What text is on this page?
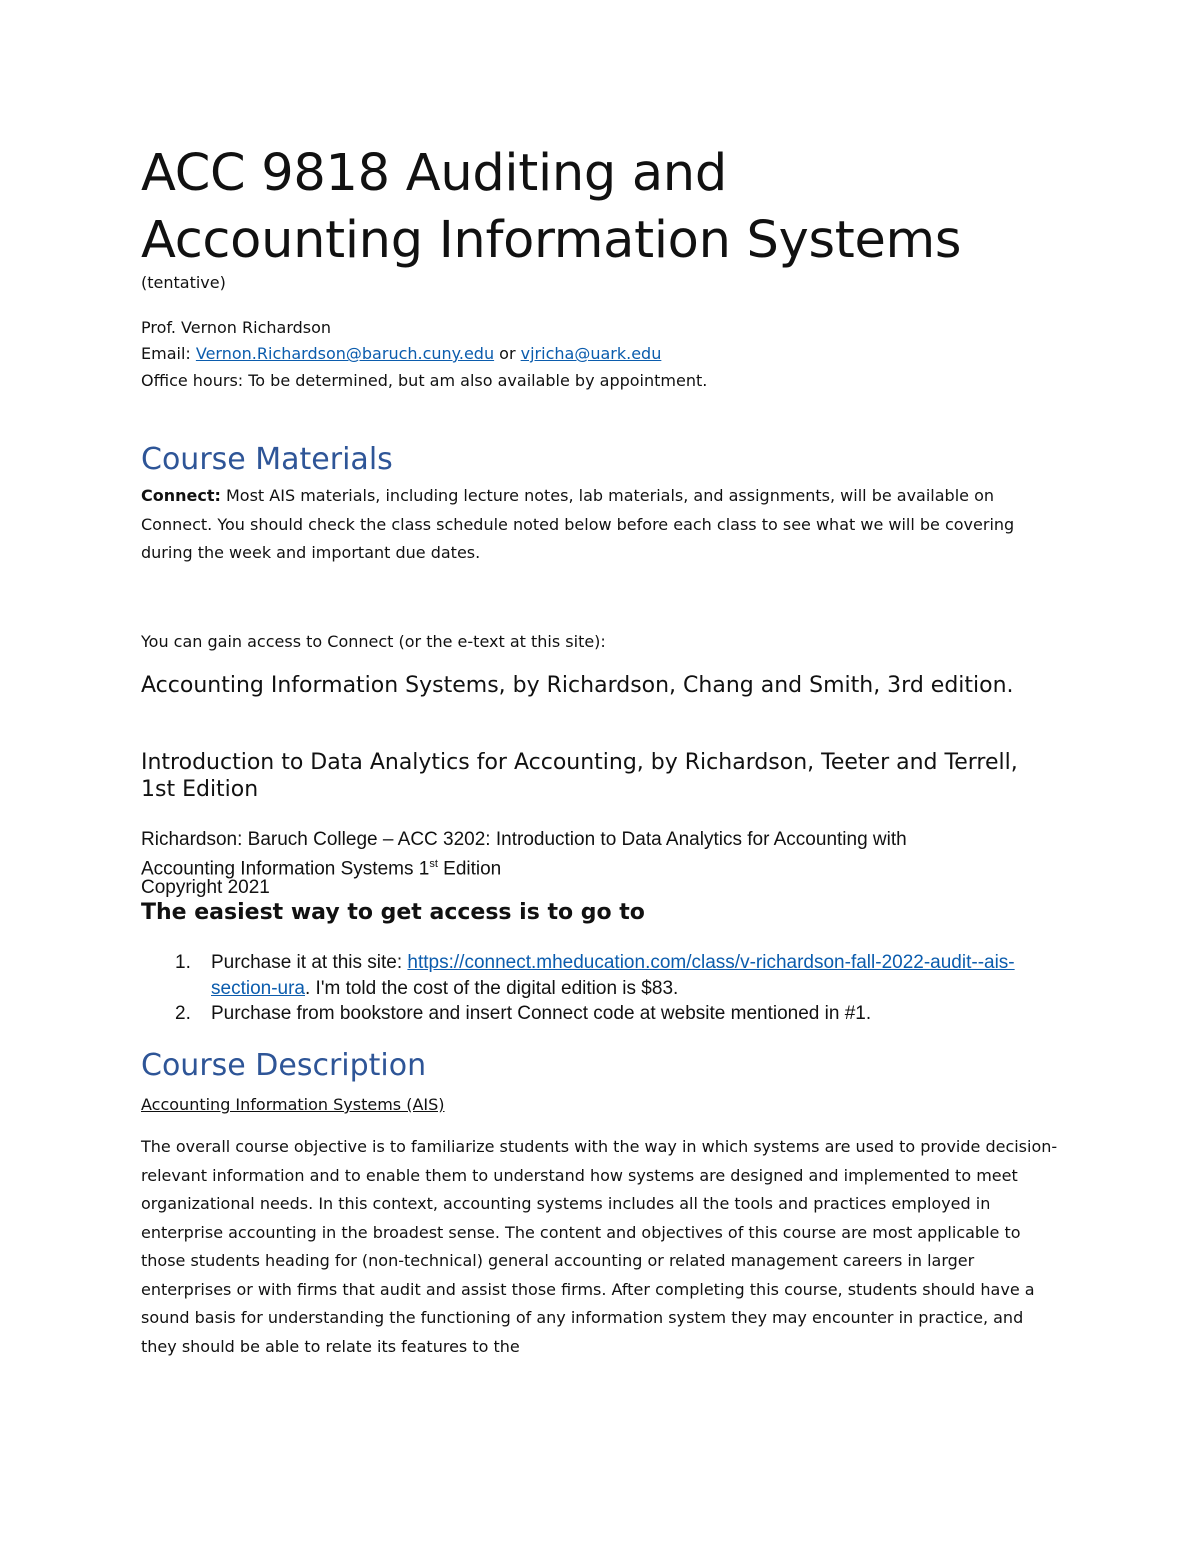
ACC 9818 Auditing and
Accounting Information Systems
(tentative)
Prof. Vernon Richardson
Email: Vernon.Richardson@baruch.cuny.edu or vjricha@uark.edu
Office hours: To be determined, but am also available by appointment.
Course Materials
Connect: Most AIS materials, including lecture notes, lab materials, and assignments, will be available on Connect. You should check the class schedule noted below before each class to see what we will be covering during the week and important due dates.
You can gain access to Connect (or the e-text at this site):
Accounting Information Systems, by Richardson, Chang and Smith, 3rd edition.
Introduction to Data Analytics for Accounting, by Richardson, Teeter and Terrell, 1st Edition
Richardson: Baruch College – ACC 3202: Introduction to Data Analytics for Accounting with Accounting Information Systems 1st Edition
Copyright 2021
The easiest way to get access is to go to
1. Purchase it at this site: https://connect.mheducation.com/class/v-richardson-fall-2022-audit--ais-section-ura. I'm told the cost of the digital edition is $83.
2. Purchase from bookstore and insert Connect code at website mentioned in #1.
Course Description
Accounting Information Systems (AIS)
The overall course objective is to familiarize students with the way in which systems are used to provide decision-relevant information and to enable them to understand how systems are designed and implemented to meet organizational needs. In this context, accounting systems includes all the tools and practices employed in enterprise accounting in the broadest sense. The content and objectives of this course are most applicable to those students heading for (non-technical) general accounting or related management careers in larger enterprises or with firms that audit and assist those firms. After completing this course, students should have a sound basis for understanding the functioning of any information system they may encounter in practice, and they should be able to relate its features to the
